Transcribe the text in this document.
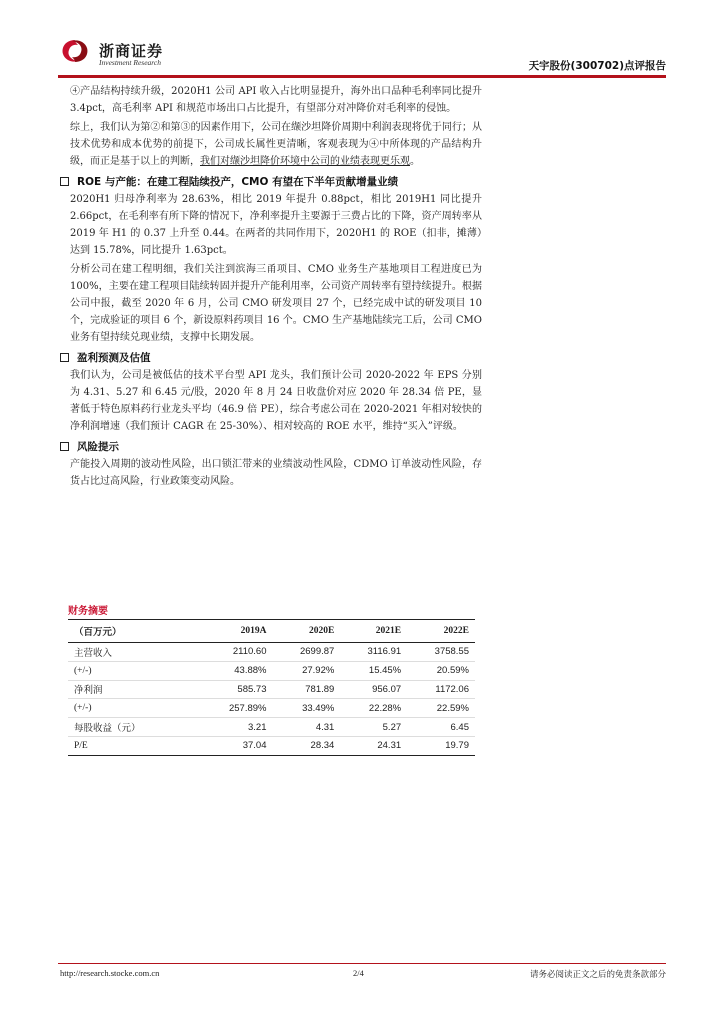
浙商证券
Investment Research	天宇股份(300702)点评报告

④产品结构持续升级，2020H1 公司 API 收入占比明显提升，海外出口品种毛利率同比提升 3.4pct，高毛利率 API 和规范市场出口占比提升，有望部分对冲降价对毛利率的侵蚀。

综上，我们认为第②和第③的因素作用下，公司在缬沙坦降价周期中利润表现将优于同行；从技术优势和成本优势的前提下，公司成长属性更清晰，客观表现为④中所体现的产品结构升级，而正是基于以上的判断，我们对缬沙坦降价环境中公司的业绩表现更乐观。

ROE 与产能：在建工程陆续投产，CMO 有望在下半年贡献增量业绩

2020H1 归母净利率为 28.63%，相比 2019 年提升 0.88pct，相比 2019H1 同比提升 2.66pct，在毛利率有所下降的情况下，净利率提升主要源于三费占比的下降，资产周转率从 2019 年 H1 的 0.37 上升至 0.44。在两者的共同作用下，2020H1 的 ROE（扣非，摊薄）达到 15.78%，同比提升 1.63pct。

分析公司在建工程明细，我们关注到滨海三甬项目、CMO 业务生产基地项目工程进度已为 100%，主要在建工程项目陆续转固并提升产能利用率，公司资产周转率有望持续提升。根据公司中报，截至 2020 年 6 月，公司 CMO 研发项目 27 个，已经完成中试的研发项目 10 个，完成验证的项目 6 个，新设原料药项目 16 个。CMO 生产基地陆续完工后，公司 CMO 业务有望持续兑现业绩，支撑中长期发展。

盈利预测及估值

我们认为，公司是被低估的技术平台型 API 龙头，我们预计公司 2020-2022 年 EPS 分别为 4.31、5.27 和 6.45 元/股，2020 年 8 月 24 日收盘价对应 2020 年 28.34 倍 PE，显著低于特色原料药行业龙头平均（46.9 倍 PE），综合考虑公司在 2020-2021 年相对较快的净利润增速（我们预计 CAGR 在 25-30%）、相对较高的 ROE 水平，维持“买入”评级。

风险提示

产能投入周期的波动性风险，出口锁汇带来的业绩波动性风险，CDMO 订单波动性风险，存货占比过高风险，行业政策变动风险。

财务摘要
（百万元）	2019A	2020E	2021E	2022E
主营收入	2110.60	2699.87	3116.91	3758.55
(+/-)	43.88%	27.92%	15.45%	20.59%
净利润	585.73	781.89	956.07	1172.06
(+/-)	257.89%	33.49%	22.28%	22.59%
每股收益（元）	3.21	4.31	5.27	6.45
P/E	37.04	28.34	24.31	19.79
http://research.stocke.com.cn	2/4	请务必阅读正文之后的免责条款部分
